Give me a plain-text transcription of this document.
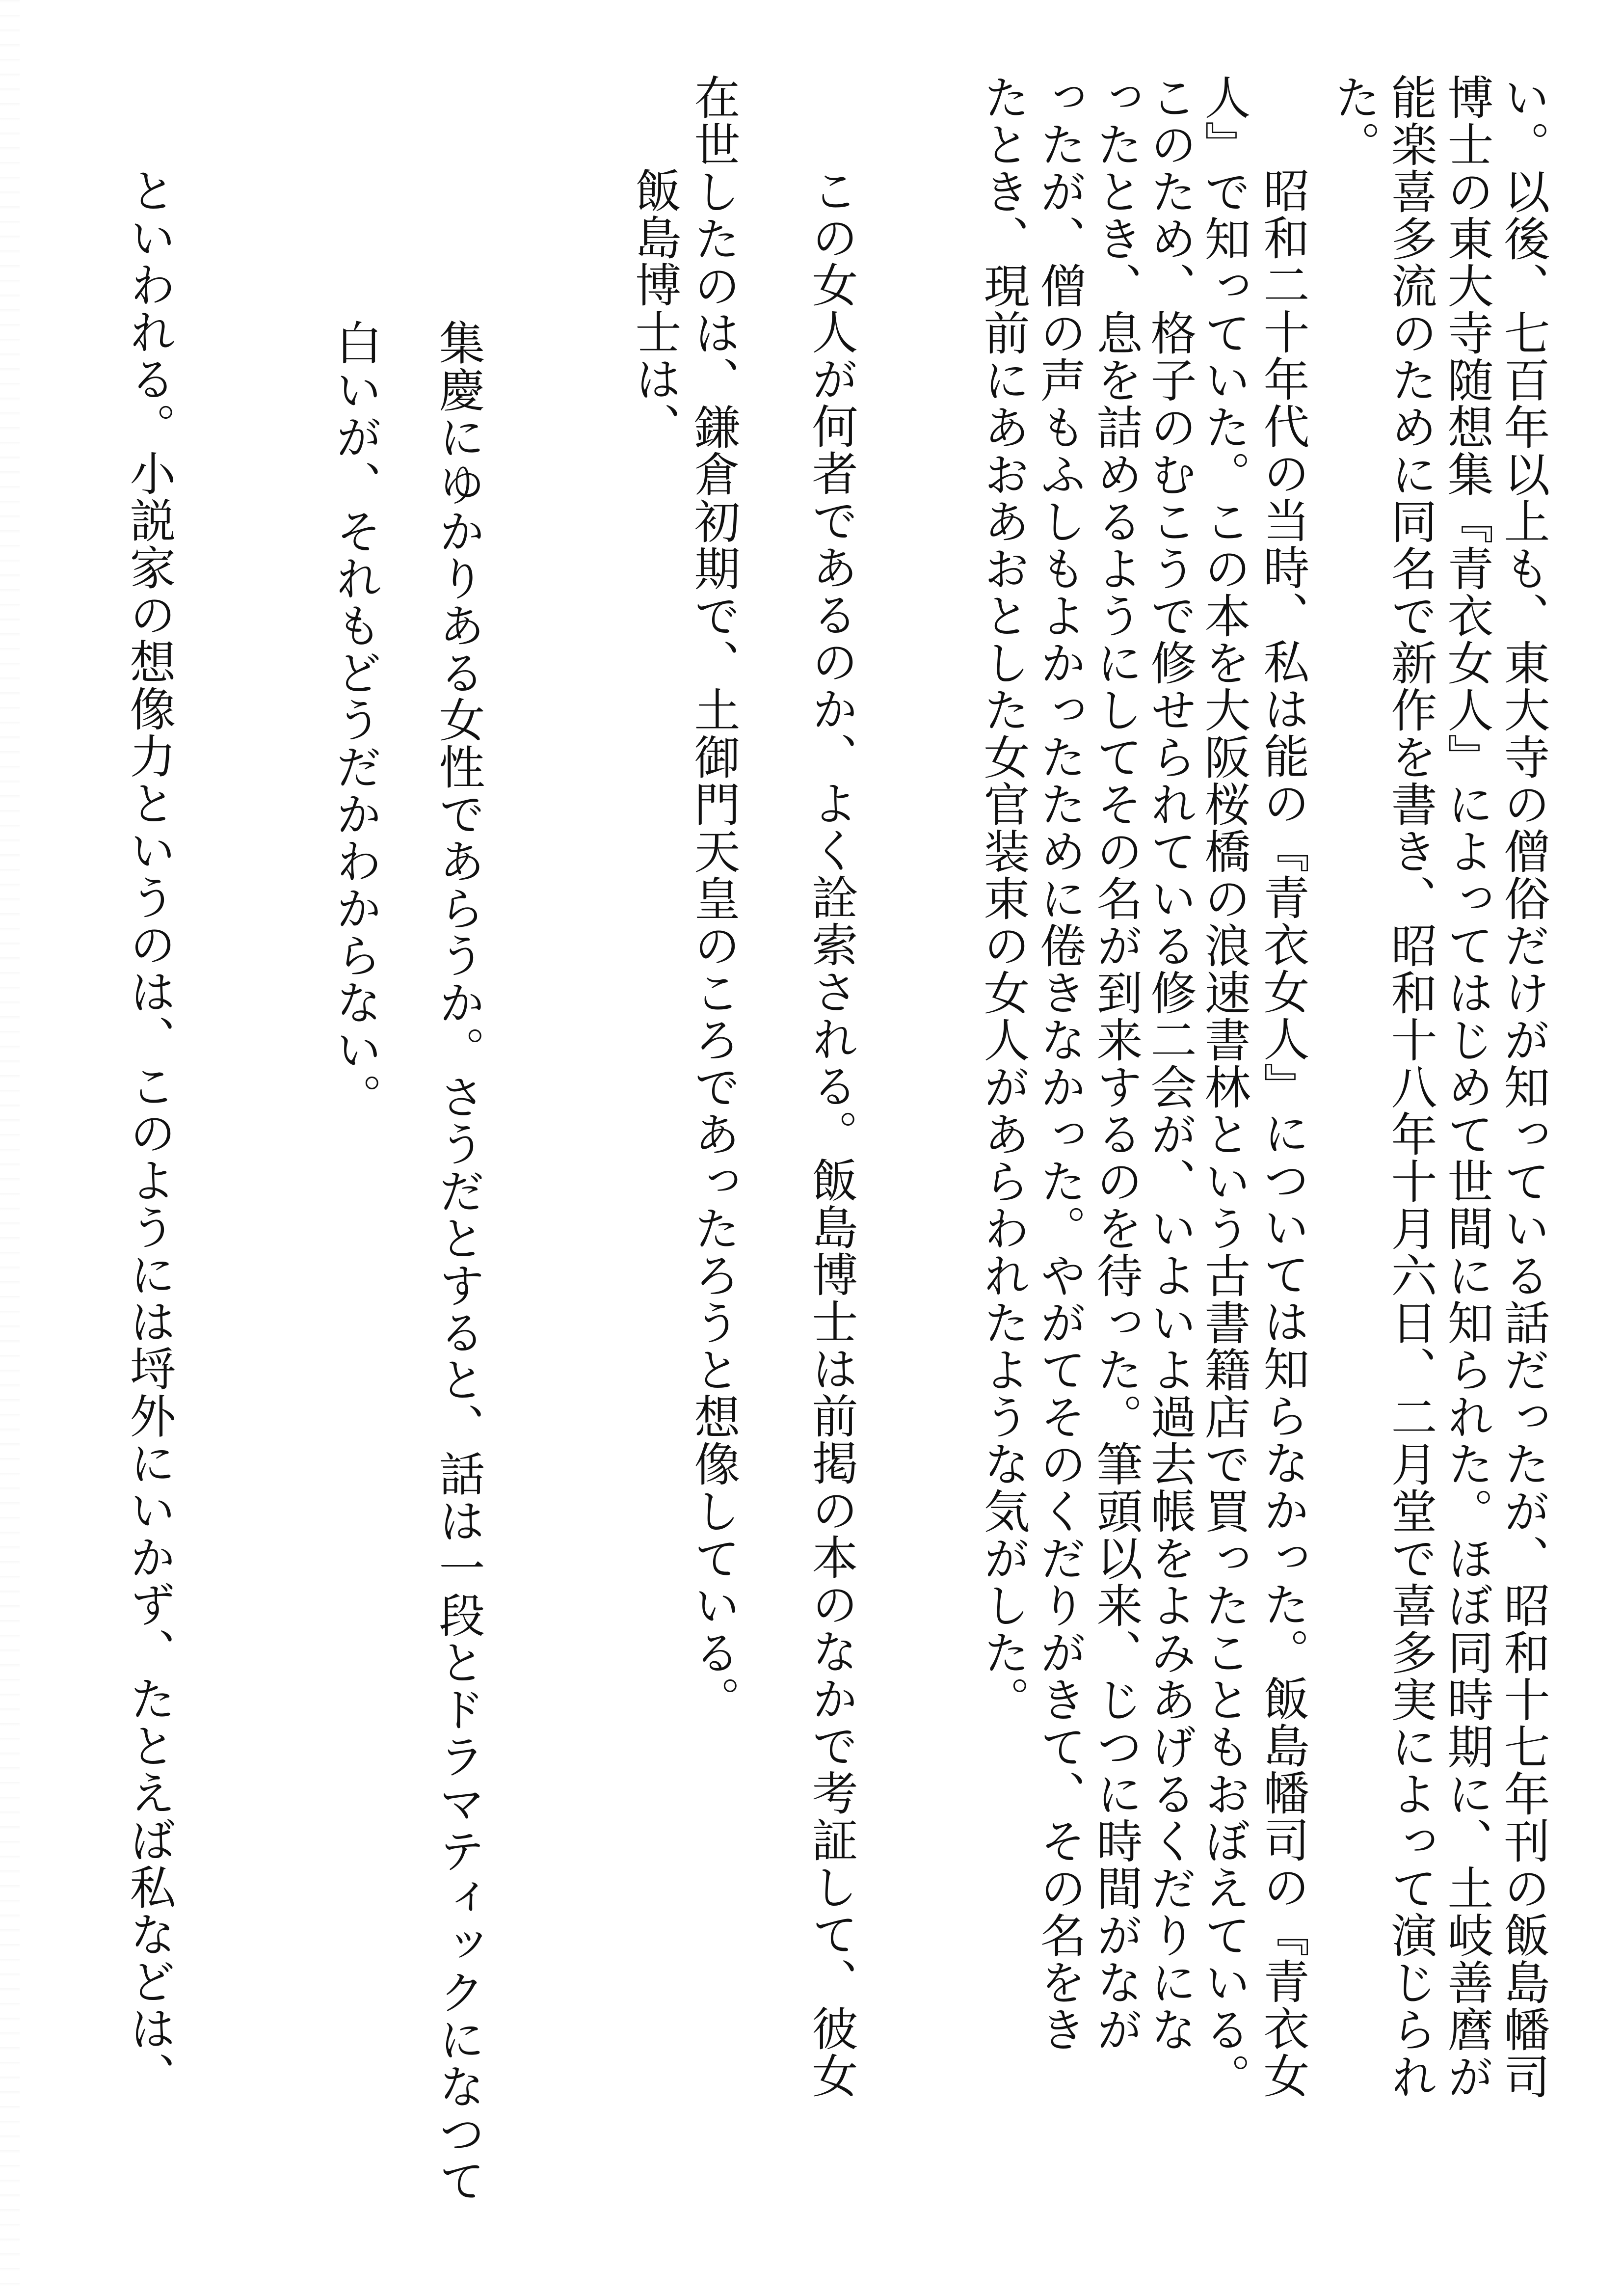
い。以後、七百年以上も、東大寺の僧俗だけが知っている話だったが、昭和十七年刊の飯島幡司
博士の東大寺随想集『青衣女人』によってはじめて世間に知られた。ほぼ同時期に、土岐善麿が
能楽喜多流のために同名で新作を書き、昭和十八年十月六日、二月堂で喜多実によって演じられ
た。
昭和二十年代の当時、私は能の『青衣女人』については知らなかった。飯島幡司の『青衣女
人』で知っていた。この本を大阪桜橋の浪速書林という古書籍店で買ったこともおぼえている。
このため、格子のむこうで修せられている修二会が、いよいよ過去帳をよみあげるくだりにな
ったとき、息を詰めるようにしてその名が到来するのを待った。筆頭以来、じつに時間がなが
ったが、僧の声もふしもよかったために倦きなかった。やがてそのくだりがきて、その名をき
たとき、現前にあおあおとした女官装束の女人があらわれたような気がした。
この女人が何者であるのか、よく詮索される。飯島博士は前掲の本のなかで考証して、彼女
在世したのは、鎌倉初期で、土御門天皇のころであったろうと想像している。
飯島博士は、
集慶にゆかりある女性であらうか。さうだとすると、話は一段とドラマティックになつて
白いが、それもどうだかわからない。
といわれる。小説家の想像力というのは、このようには埒外にいかず、たとえば私などは、
